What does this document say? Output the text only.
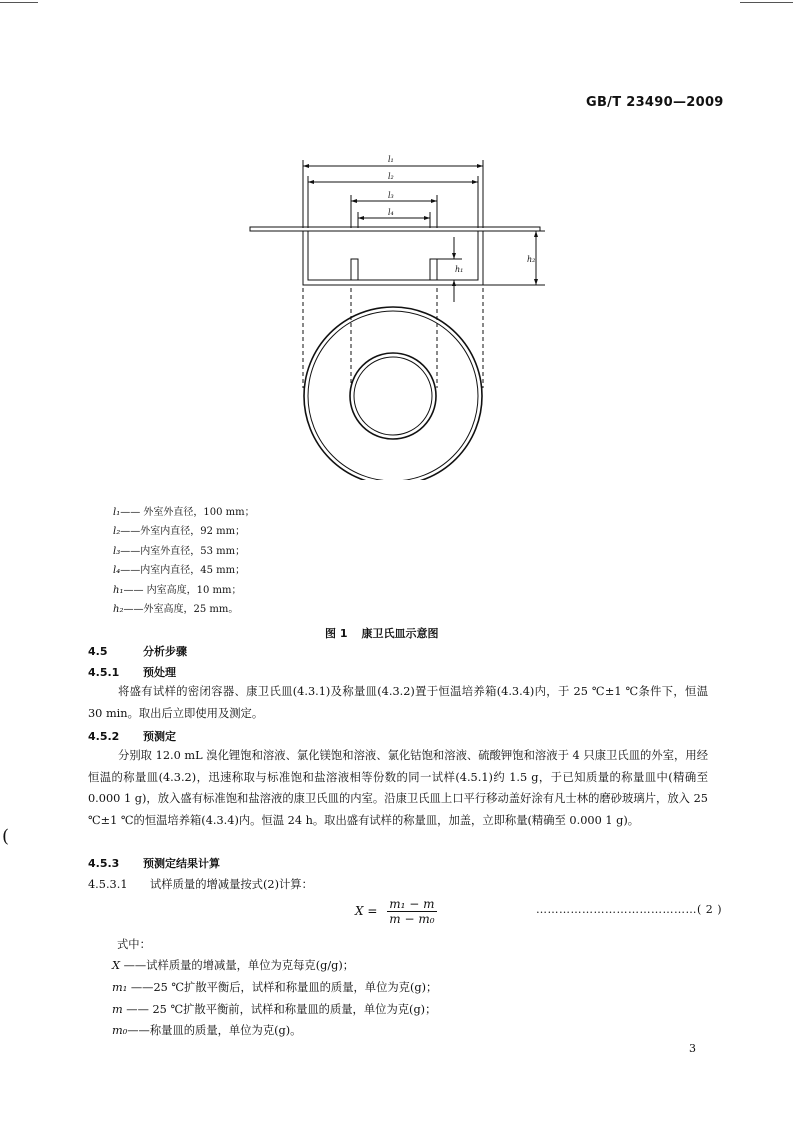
GB/T 23490—2009
l₁
l₂
l₃
l₄
h₁
h₂
l₁—— 外室外直径，100 mm；
l₂——外室内直径，92 mm；
l₃——内室外直径，53 mm；
l₄——内室内直径，45 mm；
h₁—— 内室高度，10 mm；
h₂——外室高度，25 mm。
图 1 康卫氏皿示意图
4.5	分析步骤
4.5.1 预处理
将盛有试样的密闭容器、康卫氏皿(4.3.1)及称量皿(4.3.2)置于恒温培养箱(4.3.4)内，于 25 ℃±1 ℃条件下，恒温 30 min。取出后立即使用及测定。
4.5.2 预测定
分别取 12.0 mL 溴化锂饱和溶液、氯化镁饱和溶液、氯化钴饱和溶液、硫酸钾饱和溶液于 4 只康卫氏皿的外室，用经恒温的称量皿(4.3.2)，迅速称取与标准饱和盐溶液相等份数的同一试样(4.5.1)约 1.5 g，于已知质量的称量皿中(精确至 0.000 1 g)，放入盛有标准饱和盐溶液的康卫氏皿的内室。沿康卫氏皿上口平行移动盖好涂有凡士林的磨砂玻璃片，放入 25 ℃±1 ℃的恒温培养箱(4.3.4)内。恒温 24 h。取出盛有试样的称量皿，加盖，立即称量(精确至 0.000 1 g)。
4.5.3 预测定结果计算
4.5.3.1 试样质量的增减量按式(2)计算：
$X = \frac{\text{m₁ − m}}{\text{m − m₀}}$	……………………………………( 2 )
式中：
X ——试样质量的增减量，单位为克每克(g/g)；
m₁ ——25 ℃扩散平衡后，试样和称量皿的质量，单位为克(g)；
m —— 25 ℃扩散平衡前，试样和称量皿的质量，单位为克(g)；
m₀——称量皿的质量，单位为克(g)。
3
(
